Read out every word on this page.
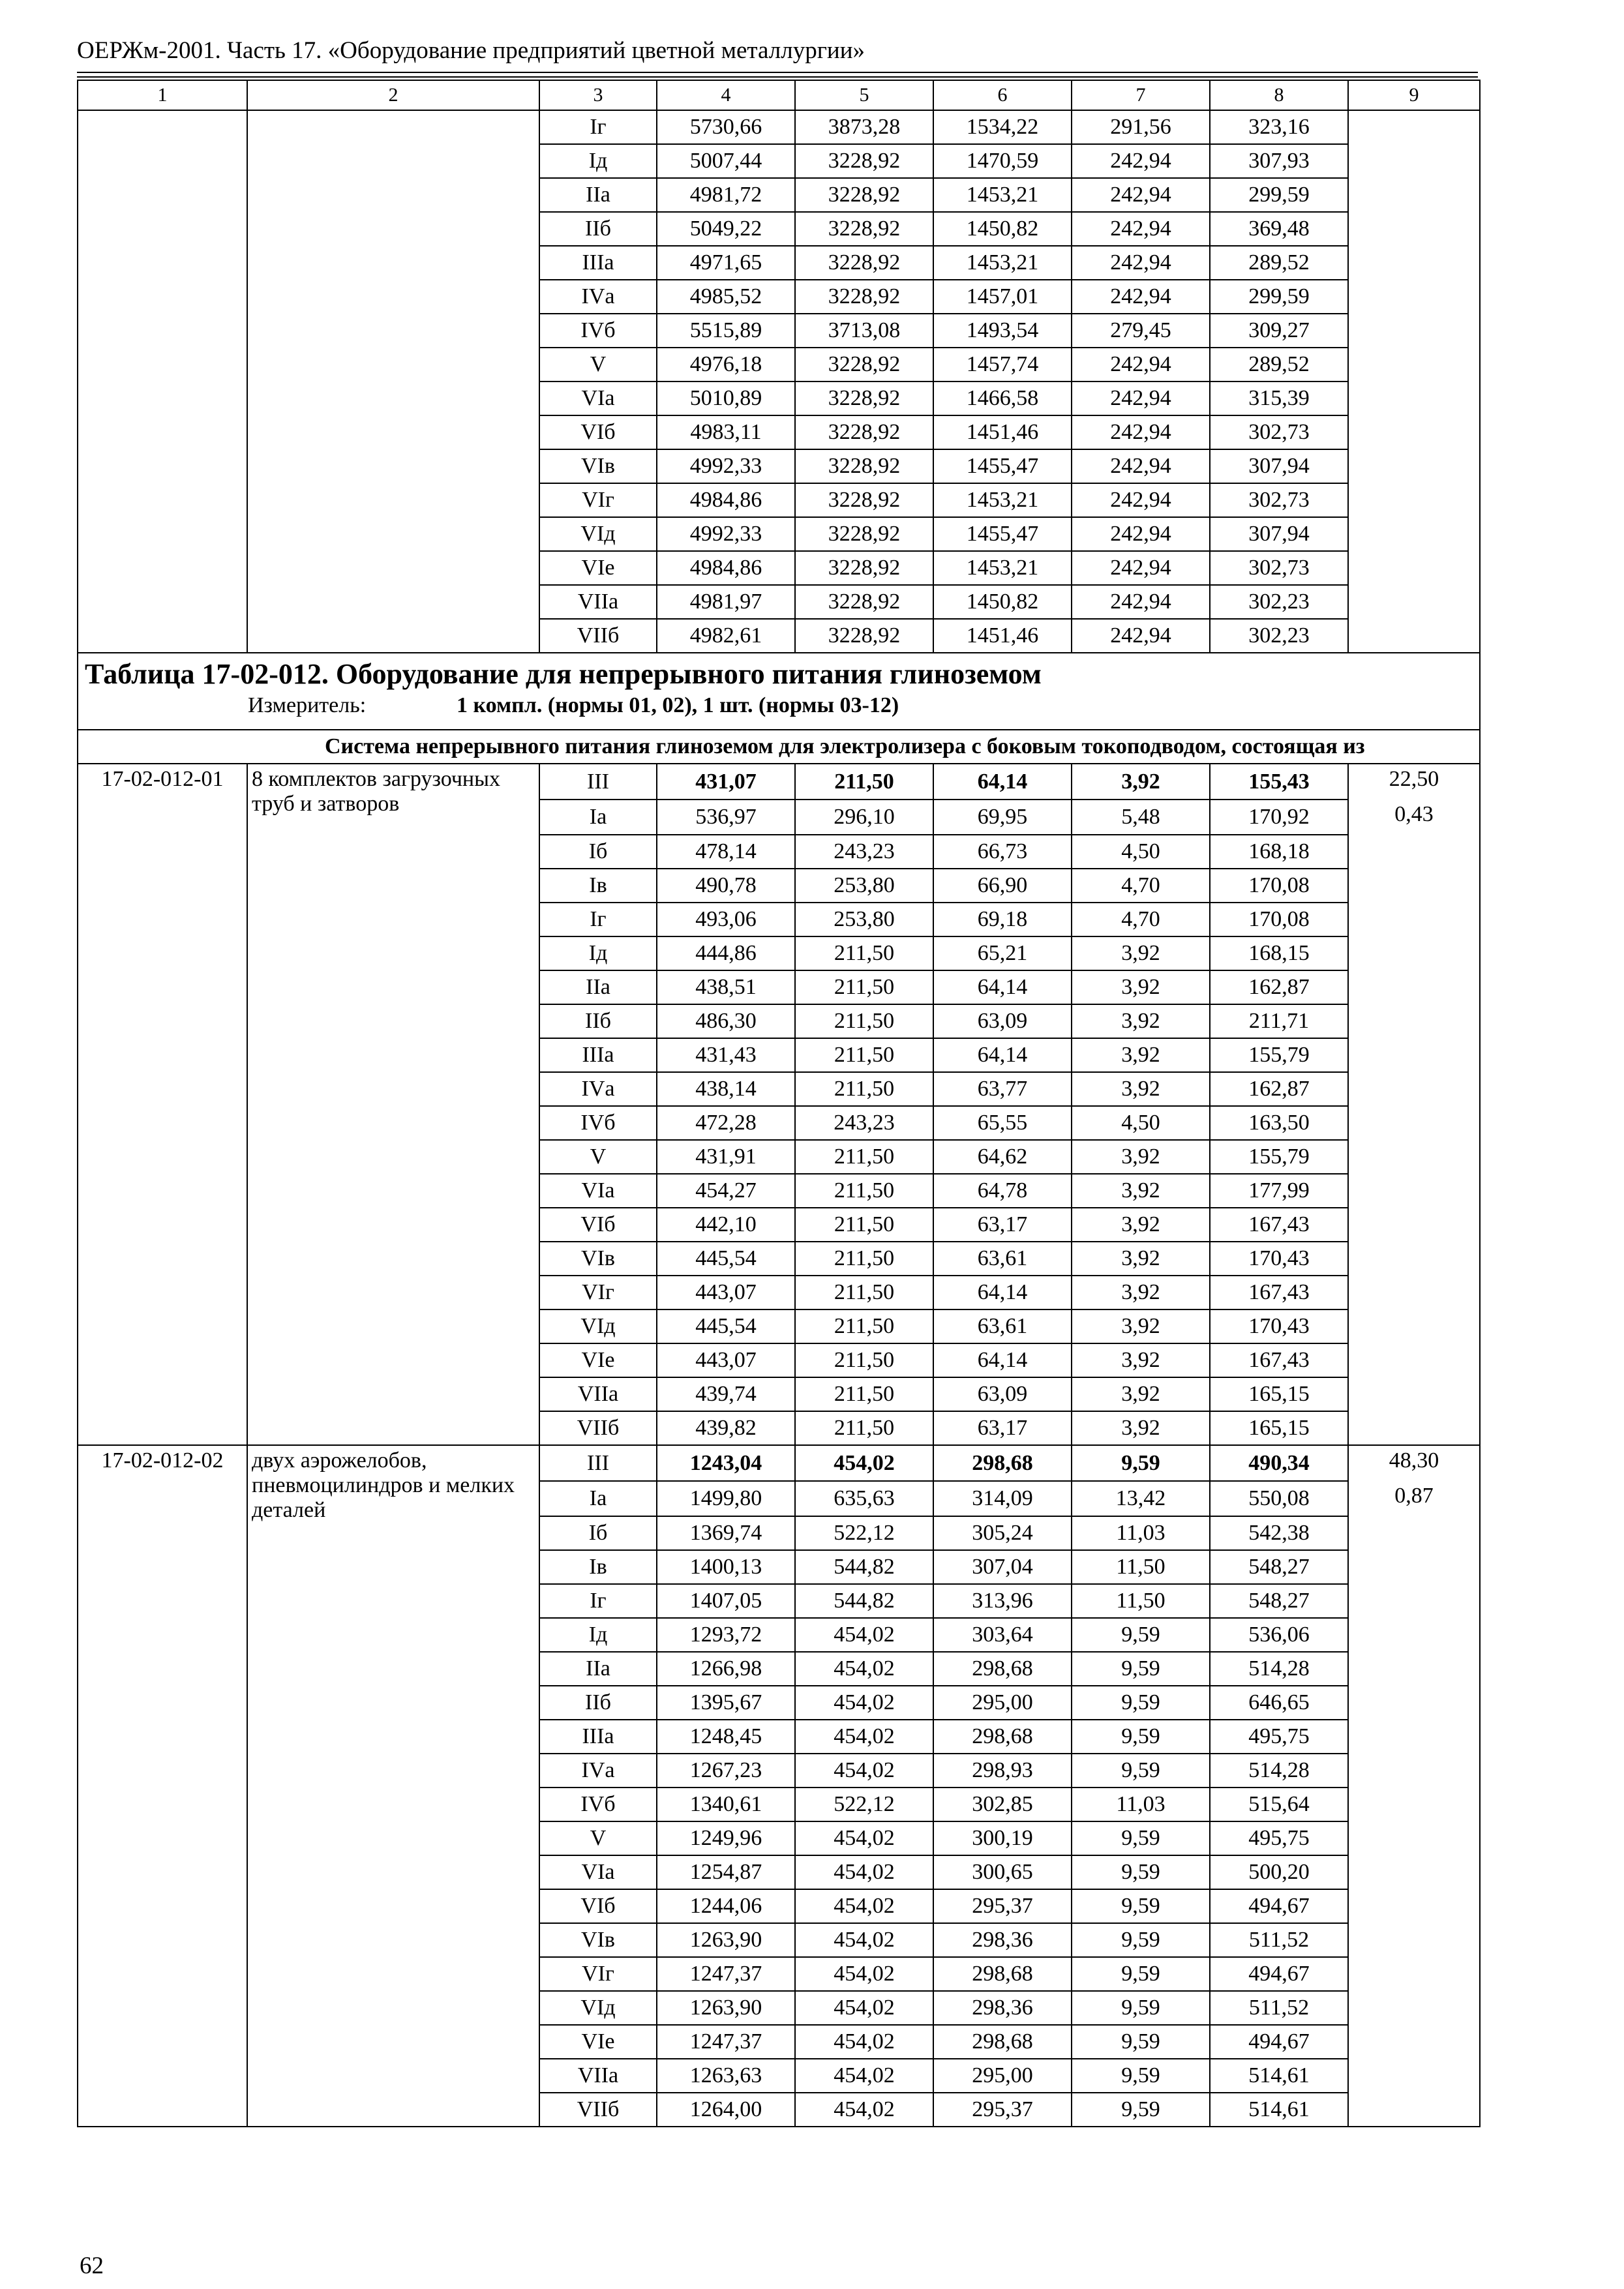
ОЕРЖм-2001. Часть 17. «Оборудование предприятий цветной металлургии»
1	2	3	4	5	6	7	8	9
		Iг	5730,66	3873,28	1534,22	291,56	323,16	
		Iд	5007,44	3228,92	1470,59	242,94	307,93	
		IIа	4981,72	3228,92	1453,21	242,94	299,59	
		IIб	5049,22	3228,92	1450,82	242,94	369,48	
		IIIа	4971,65	3228,92	1453,21	242,94	289,52	
		IVа	4985,52	3228,92	1457,01	242,94	299,59	
		IVб	5515,89	3713,08	1493,54	279,45	309,27	
		V	4976,18	3228,92	1457,74	242,94	289,52	
		VIа	5010,89	3228,92	1466,58	242,94	315,39	
		VIб	4983,11	3228,92	1451,46	242,94	302,73	
		VIв	4992,33	3228,92	1455,47	242,94	307,94	
		VIг	4984,86	3228,92	1453,21	242,94	302,73	
		VIд	4992,33	3228,92	1455,47	242,94	307,94	
		VIе	4984,86	3228,92	1453,21	242,94	302,73	
		VIIа	4981,97	3228,92	1450,82	242,94	302,23	
		VIIб	4982,61	3228,92	1451,46	242,94	302,23	

Таблица 17-02-012. Оборудование для непрерывного питания глиноземом
Измеритель: 1 компл. (нормы 01, 02), 1 шт. (нормы 03-12)								

Система непрерывного питания глиноземом для электролизера с боковым токоподводом, состоящая из								
17-02-012-01	8 комплектов загрузочных труб и затворов	III	431,07	211,50	64,14	3,92	155,43	22,50
		Iа	536,97	296,10	69,95	5,48	170,92	0,43
		Iб	478,14	243,23	66,73	4,50	168,18	
		Iв	490,78	253,80	66,90	4,70	170,08	
		Iг	493,06	253,80	69,18	4,70	170,08	
		Iд	444,86	211,50	65,21	3,92	168,15	
		IIа	438,51	211,50	64,14	3,92	162,87	
		IIб	486,30	211,50	63,09	3,92	211,71	
		IIIа	431,43	211,50	64,14	3,92	155,79	
		IVа	438,14	211,50	63,77	3,92	162,87	
		IVб	472,28	243,23	65,55	4,50	163,50	
		V	431,91	211,50	64,62	3,92	155,79	
		VIа	454,27	211,50	64,78	3,92	177,99	
		VIб	442,10	211,50	63,17	3,92	167,43	
		VIв	445,54	211,50	63,61	3,92	170,43	
		VIг	443,07	211,50	64,14	3,92	167,43	
		VIд	445,54	211,50	63,61	3,92	170,43	
		VIе	443,07	211,50	64,14	3,92	167,43	
		VIIа	439,74	211,50	63,09	3,92	165,15	
		VIIб	439,82	211,50	63,17	3,92	165,15	
17-02-012-02	двух аэрожелобов, пневмоцилиндров и мелких деталей	III	1243,04	454,02	298,68	9,59	490,34	48,30
		Iа	1499,80	635,63	314,09	13,42	550,08	0,87
		Iб	1369,74	522,12	305,24	11,03	542,38	
		Iв	1400,13	544,82	307,04	11,50	548,27	
		Iг	1407,05	544,82	313,96	11,50	548,27	
		Iд	1293,72	454,02	303,64	9,59	536,06	
		IIа	1266,98	454,02	298,68	9,59	514,28	
		IIб	1395,67	454,02	295,00	9,59	646,65	
		IIIа	1248,45	454,02	298,68	9,59	495,75	
		IVа	1267,23	454,02	298,93	9,59	514,28	
		IVб	1340,61	522,12	302,85	11,03	515,64	
		V	1249,96	454,02	300,19	9,59	495,75	
		VIа	1254,87	454,02	300,65	9,59	500,20	
		VIб	1244,06	454,02	295,37	9,59	494,67	
		VIв	1263,90	454,02	298,36	9,59	511,52	
		VIг	1247,37	454,02	298,68	9,59	494,67	
		VIд	1263,90	454,02	298,36	9,59	511,52	
		VIе	1247,37	454,02	298,68	9,59	494,67	
		VIIа	1263,63	454,02	295,00	9,59	514,61	
		VIIб	1264,00	454,02	295,37	9,59	514,61	
62
